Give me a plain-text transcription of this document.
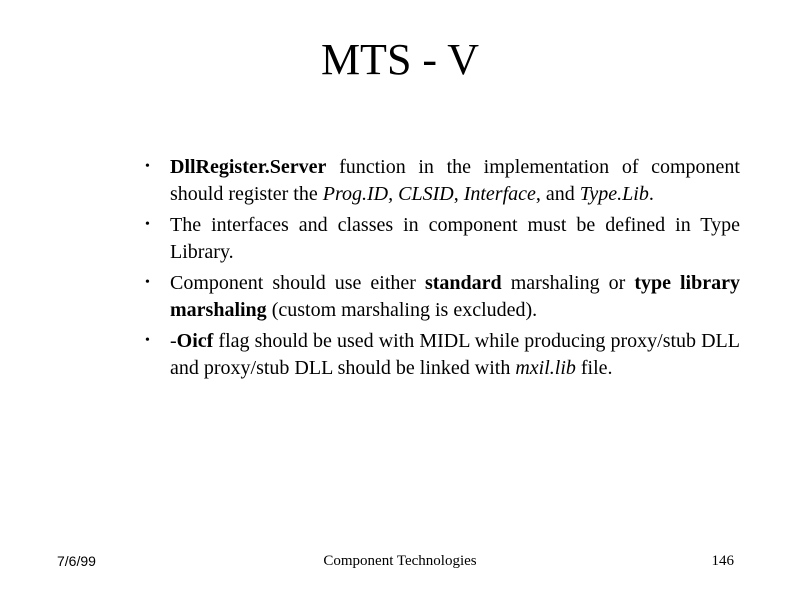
MTS - V
• DllRegister.Server function in the implementation of component should register the Prog.ID, CLSID, Interface, and Type.Lib.
• The interfaces and classes in component must be defined in Type Library.
• Component should use either standard marshaling or type library marshaling (custom marshaling is excluded).
• -Oicf flag should be used with MIDL while producing proxy/stub DLL and proxy/stub DLL should be linked with mxil.lib file.
7/6/99	Component Technologies	146
